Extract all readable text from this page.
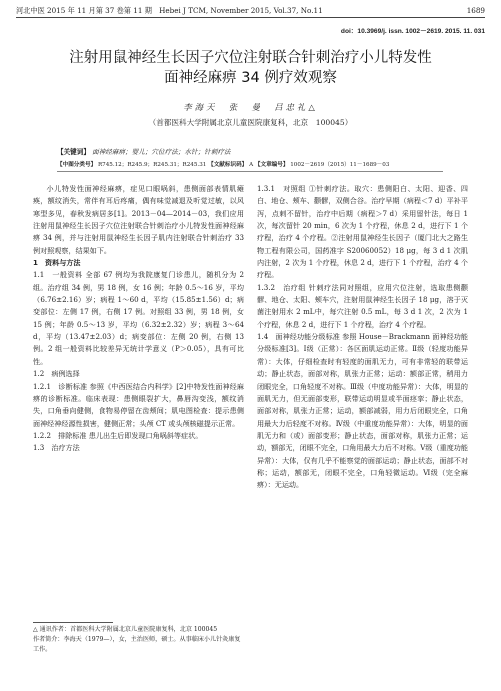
河北中医 2015 年 11 月第 37 卷第 11 期　Hebei J TCM, November 2015, Vol.37, No.11	1689
doi：10.3969/j. issn. 1002－2619. 2015. 11. 031
注射用鼠神经生长因子穴位注射联合针刺治疗小儿特发性
面神经麻痹 34 例疗效观察
李海天　张　曼　吕忠礼△
（首都医科大学附属北京儿童医院康复科，北京　100045）
【关键词】 面神经麻痹；婴儿；穴位疗法；水针；针刺疗法
【中图分类号】 R745.12；R245.9；R245.31；R245.31 【文献标识码】 A 【文章编号】 1002－2619（2015）11－1689－03

小儿特发性面神经麻痹，症见口眼㖞斜，患侧面部表情肌瘫痪，额纹消失，常伴有耳后疼痛，偶有味觉减退及听觉过敏，以风寒型多见，春秋发病居多[1]。2013－04—2014－03，我们应用注射用鼠神经生长因子穴位注射联合针刺治疗小儿特发性面神经麻痹 34 例，并与注射用鼠神经生长因子肌内注射联合针刺治疗 33 例对照观察，结果如下。

1　资料与方法

1.1　一般资料 全部 67 例均为我院康复门诊患儿，随机分为 2 组。治疗组 34 例，男 18 例，女 16 例；年龄 0.5～16 岁，平均（6.76±2.16）岁；病程 1～60 d，平均（15.85±1.56）d；病变部位：左侧 17 例，右侧 17 例。对照组 33 例，男 18 例，女 15 例；年龄 0.5～13 岁，平均（6.32±2.32）岁；病程 3～64 d，平均（13.47±2.03）d；病变部位：左侧 20 例，右侧 13 例。2 组一般资料比较差异无统计学意义（P＞0.05），具有可比性。

1.2　病例选择

1.2.1　诊断标准 参照《中西医结合内科学》[2]中特发性面神经麻痹的诊断标准。临床表现：患侧眼裂扩大，鼻唇沟变浅，额纹消失，口角垂向健侧，食物易停留在齿颊间；肌电图检查：提示患侧面神经神经源性损害，健侧正常；头颅 CT 或头颅核磁提示正常。

1.2.2　排除标准 患儿出生后即发现口角㖞斜等症状。

1.3　治疗方法

△ 通讯作者：首都医科大学附属北京儿童医院康复科，北京 100045

作者简介：李海天（1979—），女，主治医师，硕士。从事临床小儿针灸康复工作。

1.3.1　对照组 ①针刺疗法。取穴：患侧阳白、太阳、迎香、四白、地仓、颊车、颧髎，双侧合谷。治疗早期（病程＜7 d）平补平泻，点刺不留针，治疗中后期（病程＞7 d）采用留针法，每日 1 次，每次留针 20 min，6 次为 1 个疗程，休息 2 d，进行下 1 个疗程，治疗 4 个疗程。②注射用鼠神经生长因子（厦门北大之路生物工程有限公司，国药准字 S20060052）18 μg，每 3 d 1 次肌内注射，2 次为 1 个疗程，休息 2 d，进行下 1 个疗程，治疗 4 个疗程。

1.3.2　治疗组 针刺疗法同对照组，应用穴位注射，选取患侧颧髎、地仓、太阳、颊车穴，注射用鼠神经生长因子 18 μg，溶于灭菌注射用水 2 mL中，每穴注射 0.5 mL，每 3 d 1 次，2 次为 1 个疗程，休息 2 d，进行下 1 个疗程，治疗 4 个疗程。

1.4　面神经功能分级标准 参照 House－Brackmann 面神经功能分级标准[3]。Ⅰ级（正常）：各区面肌运动正常。Ⅱ级（轻度功能异常）：大体，仔细检查时有轻度的面肌无力，可有非常轻的联带运动；静止状态，面部对称，肌张力正常；运动：额部正常，稍用力闭眼完全，口角轻度不对称。Ⅲ级（中度功能异常）：大体，明显的面肌无力，但无面部变形，联带运动明显或半面痉挛；静止状态，面部对称，肌张力正常；运动，额部减弱，用力后闭眼完全，口角用最大力后轻度不对称。Ⅳ级（中重度功能异常）：大体，明显的面肌无力和（或）面部变形；静止状态，面部对称，肌张力正常；运动，额部无，闭眼不完全，口角用最大力后不对称。Ⅴ级（重度功能异常）：大体，仅有几乎不能察觉的面部运动；静止状态，面部不对称；运动，额部无，闭眼不完全，口角轻微运动。Ⅵ级（完全麻痹）：无运动。
